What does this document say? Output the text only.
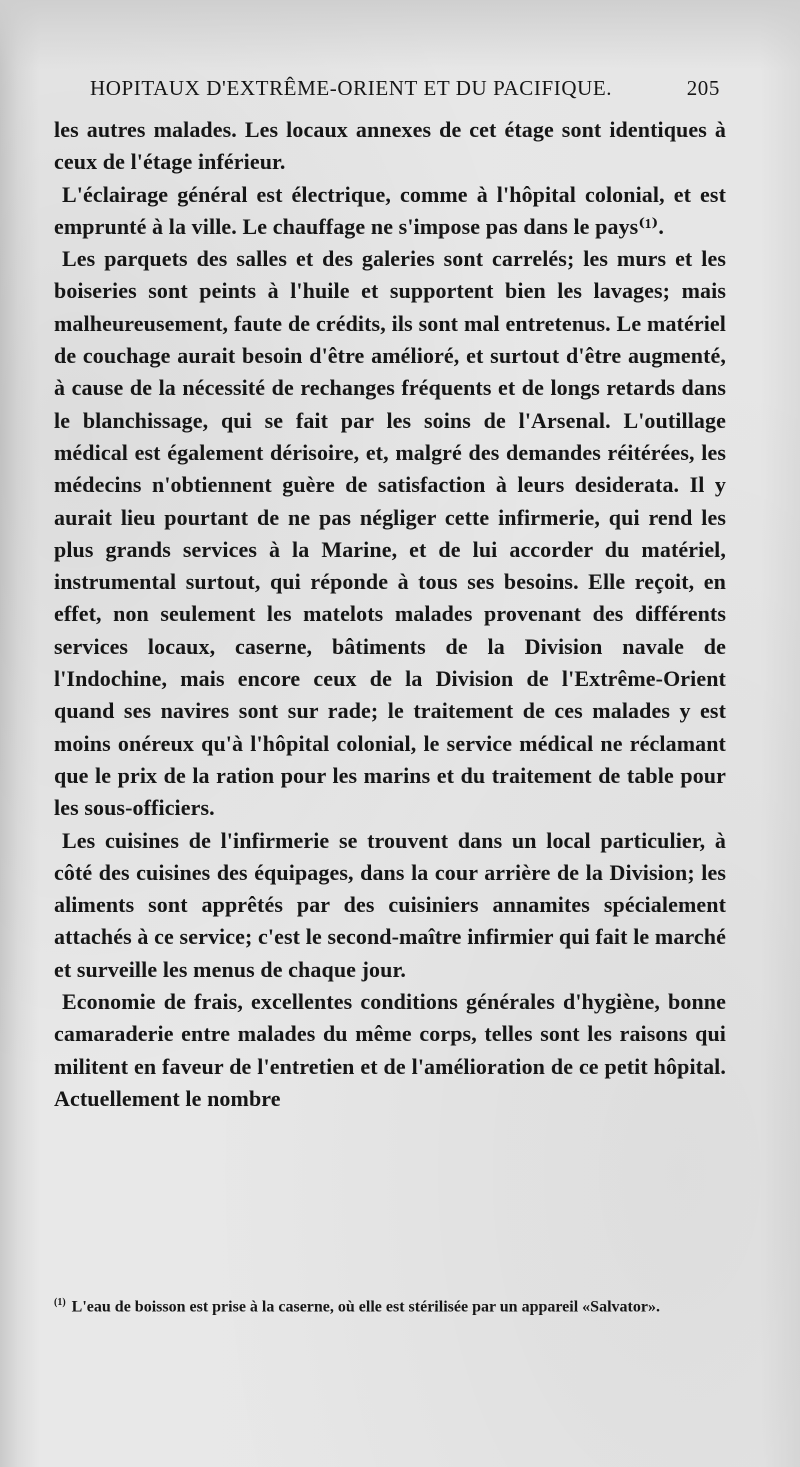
HOPITAUX D'EXTRÊME-ORIENT ET DU PACIFIQUE.	205

les autres malades. Les locaux annexes de cet étage sont identiques à ceux de l'étage inférieur.

L'éclairage général est électrique, comme à l'hôpital colonial, et est emprunté à la ville. Le chauffage ne s'impose pas dans le pays⁽¹⁾.

Les parquets des salles et des galeries sont carrelés; les murs et les boiseries sont peints à l'huile et supportent bien les lavages; mais malheureusement, faute de crédits, ils sont mal entretenus. Le matériel de couchage aurait besoin d'être amélioré, et surtout d'être augmenté, à cause de la nécessité de rechanges fréquents et de longs retards dans le blanchissage, qui se fait par les soins de l'Arsenal. L'outillage médical est également dérisoire, et, malgré des demandes réitérées, les médecins n'obtiennent guère de satisfaction à leurs desiderata. Il y aurait lieu pourtant de ne pas négliger cette infirmerie, qui rend les plus grands services à la Marine, et de lui accorder du matériel, instrumental surtout, qui réponde à tous ses besoins. Elle reçoit, en effet, non seulement les matelots malades provenant des différents services locaux, caserne, bâtiments de la Division navale de l'Indochine, mais encore ceux de la Division de l'Extrême-Orient quand ses navires sont sur rade; le traitement de ces malades y est moins onéreux qu'à l'hôpital colonial, le service médical ne réclamant que le prix de la ration pour les marins et du traitement de table pour les sous-officiers.

Les cuisines de l'infirmerie se trouvent dans un local particulier, à côté des cuisines des équipages, dans la cour arrière de la Division; les aliments sont apprêtés par des cuisiniers annamites spécialement attachés à ce service; c'est le second-maître infirmier qui fait le marché et surveille les menus de chaque jour.

Economie de frais, excellentes conditions générales d'hygiène, bonne camaraderie entre malades du même corps, telles sont les raisons qui militent en faveur de l'entretien et de l'amélioration de ce petit hôpital. Actuellement le nombre

$^{(1)}$ L'eau de boisson est prise à la caserne, où elle est stérilisée par un appareil «Salvator».
